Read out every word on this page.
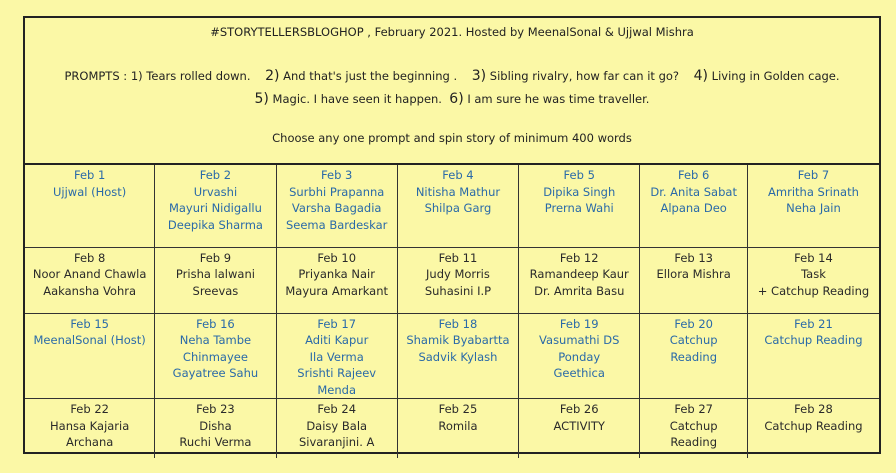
#STORYTELLERSBLOGHOP , February 2021. Hosted by MeenalSonal & Ujjwal Mishra
PROMPTS : 1) Tears rolled down. 2) And that's just the beginning . 3) Sibling rivalry, how far can it go? 4) Living in Golden cage.
5) Magic. I have seen it happen. 6) I am sure he was time traveller.
Choose any one prompt and spin story of minimum 400 words
Feb 1
Ujjwal (Host)	Feb 2
Urvashi
Mayuri Nidigallu
Deepika Sharma	Feb 3
Surbhi Prapanna
Varsha Bagadia
Seema Bardeskar	Feb 4
Nitisha Mathur
Shilpa Garg	Feb 5
Dipika Singh
Prerna Wahi	Feb 6
Dr. Anita Sabat
Alpana Deo	Feb 7
Amritha Srinath
Neha Jain

Feb 8
Noor Anand Chawla
Aakansha Vohra	Feb 9
Prisha lalwani
Sreevas	Feb 10
Priyanka Nair
Mayura Amarkant	Feb 11
Judy Morris
Suhasini I.P	Feb 12
Ramandeep Kaur
Dr. Amrita Basu	Feb 13
Ellora Mishra	Feb 14
Task
+ Catchup Reading

Feb 15
MeenalSonal (Host)	Feb 16
Neha Tambe
Chinmayee
Gayatree Sahu	Feb 17
Aditi Kapur
Ila Verma
Srishti Rajeev
Menda	Feb 18
Shamik Byabartta
Sadvik Kylash	Feb 19
Vasumathi DS
Ponday
Geethica	Feb 20
Catchup
Reading	Feb 21
Catchup Reading

Feb 22
Hansa Kajaria
Archana	Feb 23
Disha
Ruchi Verma	Feb 24
Daisy Bala
Sivaranjini. A	Feb 25
Romila	Feb 26
ACTIVITY	Feb 27
Catchup
Reading	Feb 28
Catchup Reading
